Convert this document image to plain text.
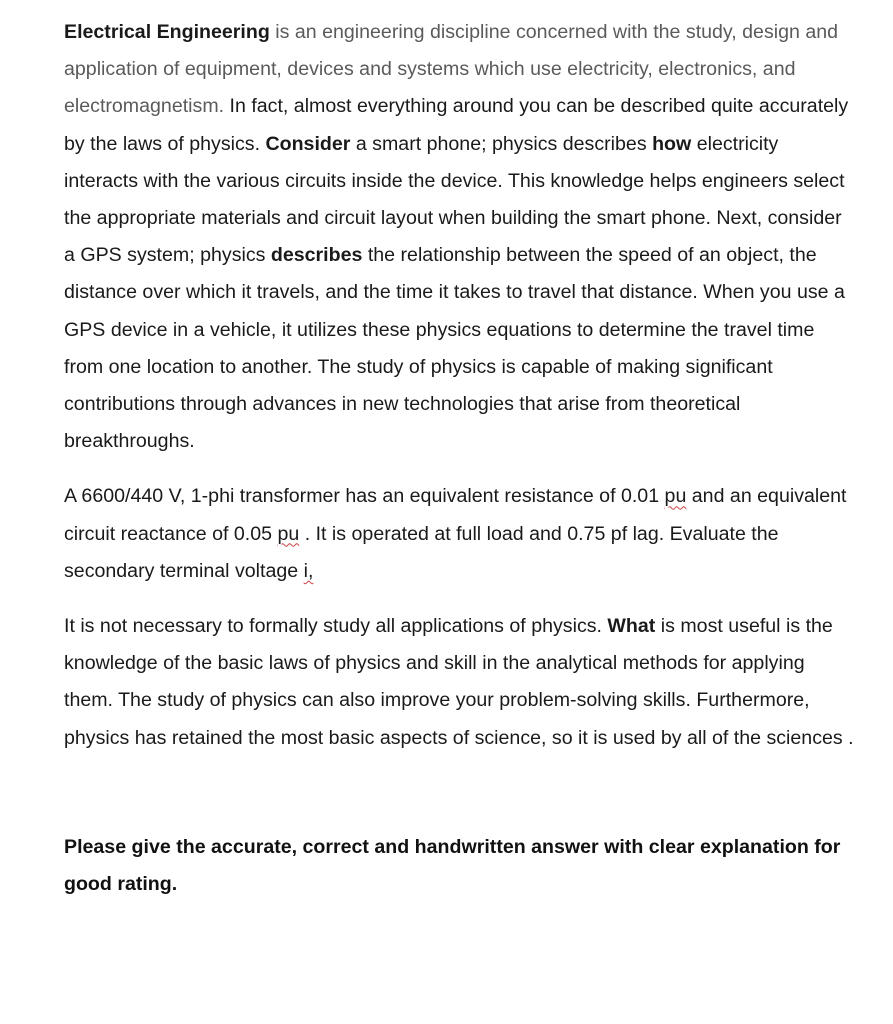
Electrical Engineering is an engineering discipline concerned with the study, design and application of equipment, devices and systems which use electricity, electronics, and electromagnetism. In fact, almost everything around you can be described quite accurately by the laws of physics. Consider a smart phone; physics describes how electricity interacts with the various circuits inside the device. This knowledge helps engineers select the appropriate materials and circuit layout when building the smart phone. Next, consider a GPS system; physics describes the relationship between the speed of an object, the distance over which it travels, and the time it takes to travel that distance. When you use a GPS device in a vehicle, it utilizes these physics equations to determine the travel time from one location to another. The study of physics is capable of making significant contributions through advances in new technologies that arise from theoretical breakthroughs.

A 6600/440 V, 1-phi transformer has an equivalent resistance of 0.01 pu and an equivalent circuit reactance of 0.05 pu . It is operated at full load and 0.75 pf lag. Evaluate the secondary terminal voltage i,

It is not necessary to formally study all applications of physics. What is most useful is the knowledge of the basic laws of physics and skill in the analytical methods for applying them. The study of physics can also improve your problem-solving skills. Furthermore, physics has retained the most basic aspects of science, so it is used by all of the sciences .

Please give the accurate, correct and handwritten answer with clear explanation for good rating.
